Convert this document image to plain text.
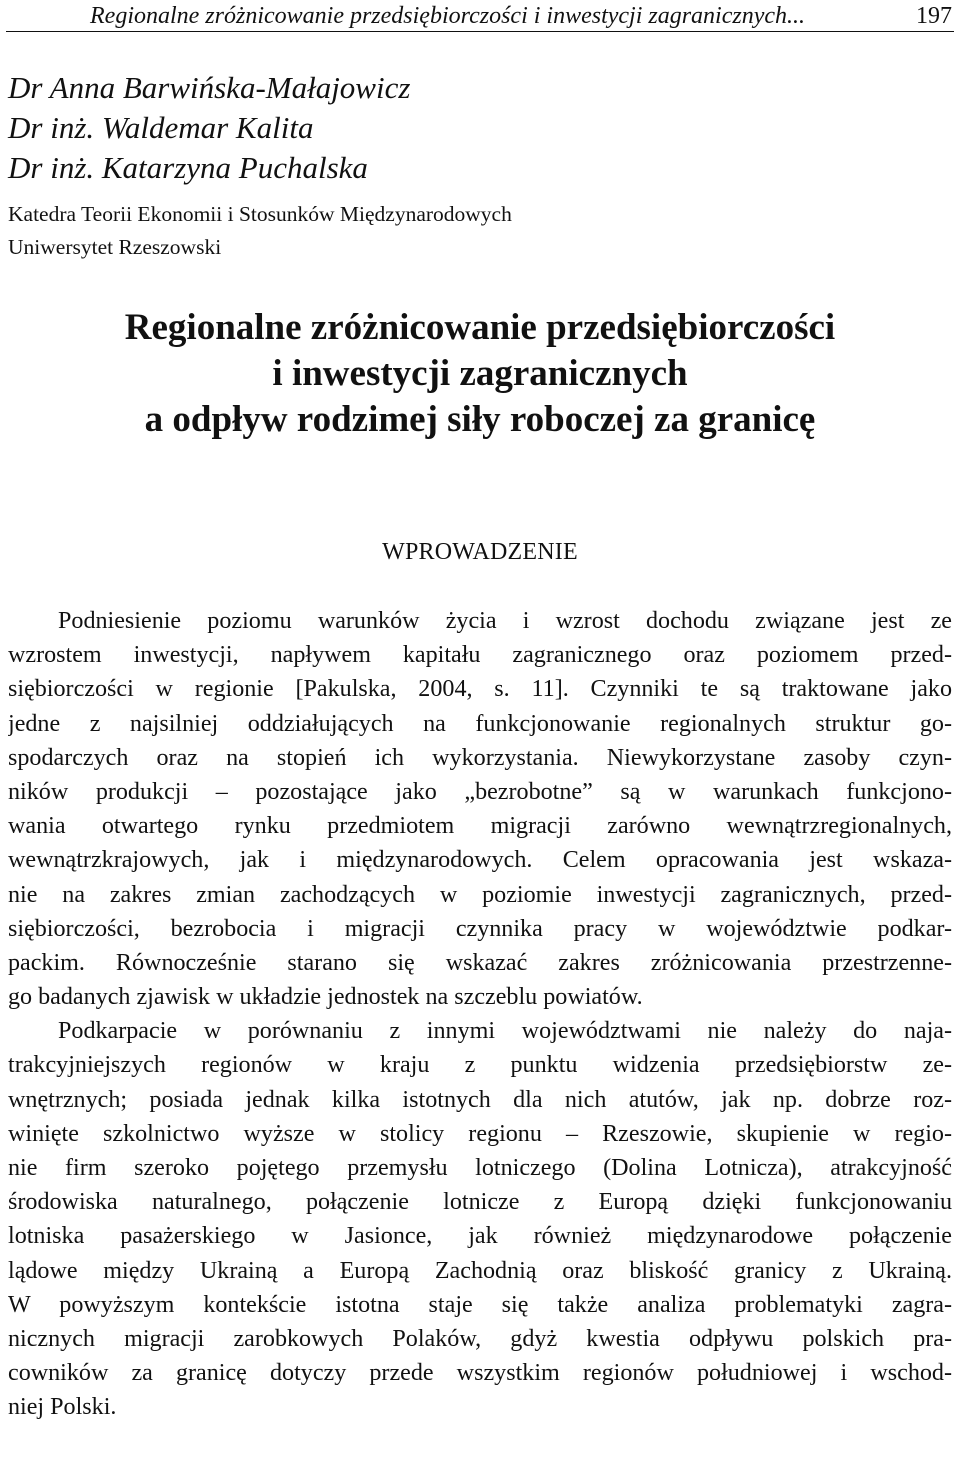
Regionalne zróżnicowanie przedsiębiorczości i inwestycji zagranicznych...	197
Dr Anna Barwińska-Małajowicz
Dr inż. Waldemar Kalita
Dr inż. Katarzyna Puchalska
Katedra Teorii Ekonomii i Stosunków Międzynarodowych
Uniwersytet Rzeszowski
Regionalne zróżnicowanie przedsiębiorczości
i inwestycji zagranicznych
a odpływ rodzimej siły roboczej za granicę
WPROWADZENIE
Podniesienie poziomu warunków życia i wzrost dochodu związane jest ze
wzrostem inwestycji, napływem kapitału zagranicznego oraz poziomem przed-
siębiorczości w regionie [Pakulska, 2004, s. 11]. Czynniki te są traktowane jako
jedne z najsilniej oddziałujących na funkcjonowanie regionalnych struktur go-
spodarczych oraz na stopień ich wykorzystania. Niewykorzystane zasoby czyn-
ników produkcji – pozostające jako „bezrobotne” są w warunkach funkcjono-
wania otwartego rynku przedmiotem migracji zarówno wewnątrzregionalnych,
wewnątrzkrajowych, jak i międzynarodowych. Celem opracowania jest wskaza-
nie na zakres zmian zachodzących w poziomie inwestycji zagranicznych, przed-
siębiorczości, bezrobocia i migracji czynnika pracy w województwie podkar-
packim. Równocześnie starano się wskazać zakres zróżnicowania przestrzenne-
go badanych zjawisk w układzie jednostek na szczeblu powiatów.
Podkarpacie w porównaniu z innymi województwami nie należy do naja-
trakcyjniejszych regionów w kraju z punktu widzenia przedsiębiorstw ze-
wnętrznych; posiada jednak kilka istotnych dla nich atutów, jak np. dobrze roz-
winięte szkolnictwo wyższe w stolicy regionu – Rzeszowie, skupienie w regio-
nie firm szeroko pojętego przemysłu lotniczego (Dolina Lotnicza), atrakcyjność
środowiska naturalnego, połączenie lotnicze z Europą dzięki funkcjonowaniu
lotniska pasażerskiego w Jasionce, jak również międzynarodowe połączenie
lądowe między Ukrainą a Europą Zachodnią oraz bliskość granicy z Ukrainą.
W powyższym kontekście istotna staje się także analiza problematyki zagra-
nicznych migracji zarobkowych Polaków, gdyż kwestia odpływu polskich pra-
cowników za granicę dotyczy przede wszystkim regionów południowej i wschod-
niej Polski.
